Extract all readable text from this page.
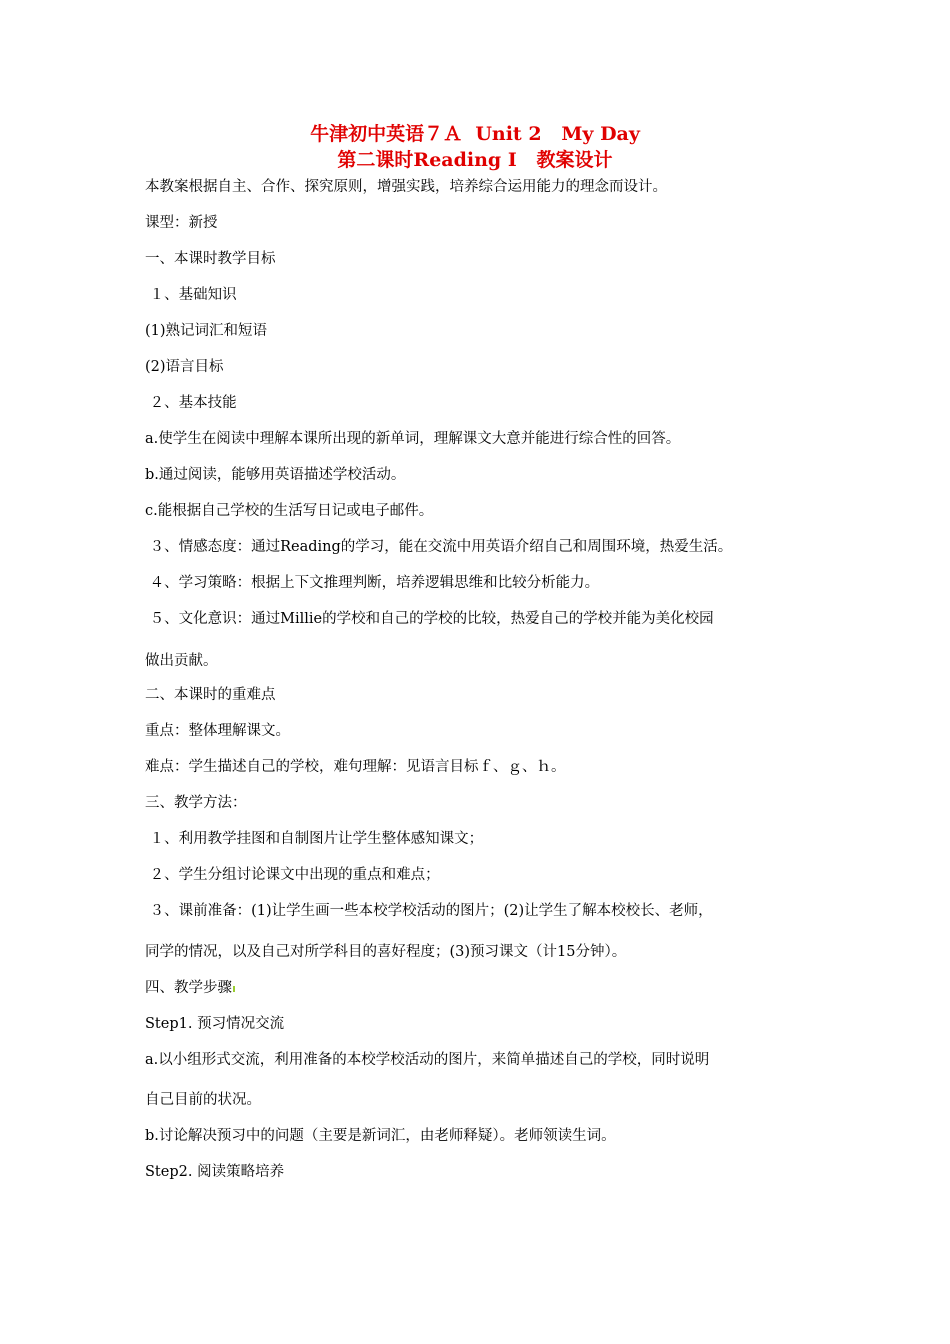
牛津初中英语７Ａ  Unit 2   My Day
第二课时Reading I   教案设计
本教案根据自主、合作、探究原则，增强实践，培养综合运用能力的理念而设计。
课型：新授
一、本课时教学目标
１、基础知识
(1)熟记词汇和短语
(2)语言目标
２、基本技能
a.使学生在阅读中理解本课所出现的新单词，理解课文大意并能进行综合性的回答。
b.通过阅读，能够用英语描述学校活动。
c.能根据自己学校的生活写日记或电子邮件。
３、情感态度：通过Reading的学习，能在交流中用英语介绍自己和周围环境，热爱生活。
４、学习策略：根据上下文推理判断，培养逻辑思维和比较分析能力。
５、文化意识：通过Millie的学校和自己的学校的比较，热爱自己的学校并能为美化校园
做出贡献。
二、本课时的重难点
重点：整体理解课文。
难点：学生描述自己的学校，难句理解：见语言目标ｆ、ｇ、ｈ。
三、教学方法：
１、利用教学挂图和自制图片让学生整体感知课文；
２、学生分组讨论课文中出现的重点和难点；
３、课前准备：(1)让学生画一些本校学校活动的图片；(2)让学生了解本校校长、老师，
同学的情况，以及自己对所学科目的喜好程度；(3)预习课文（计15分钟）。
四、教学步骤
Step1. 预习情况交流
a.以小组形式交流，利用准备的本校学校活动的图片，来简单描述自己的学校，同时说明
自己目前的状况。
b.讨论解决预习中的问题（主要是新词汇，由老师释疑）。老师领读生词。
Step2. 阅读策略培养
